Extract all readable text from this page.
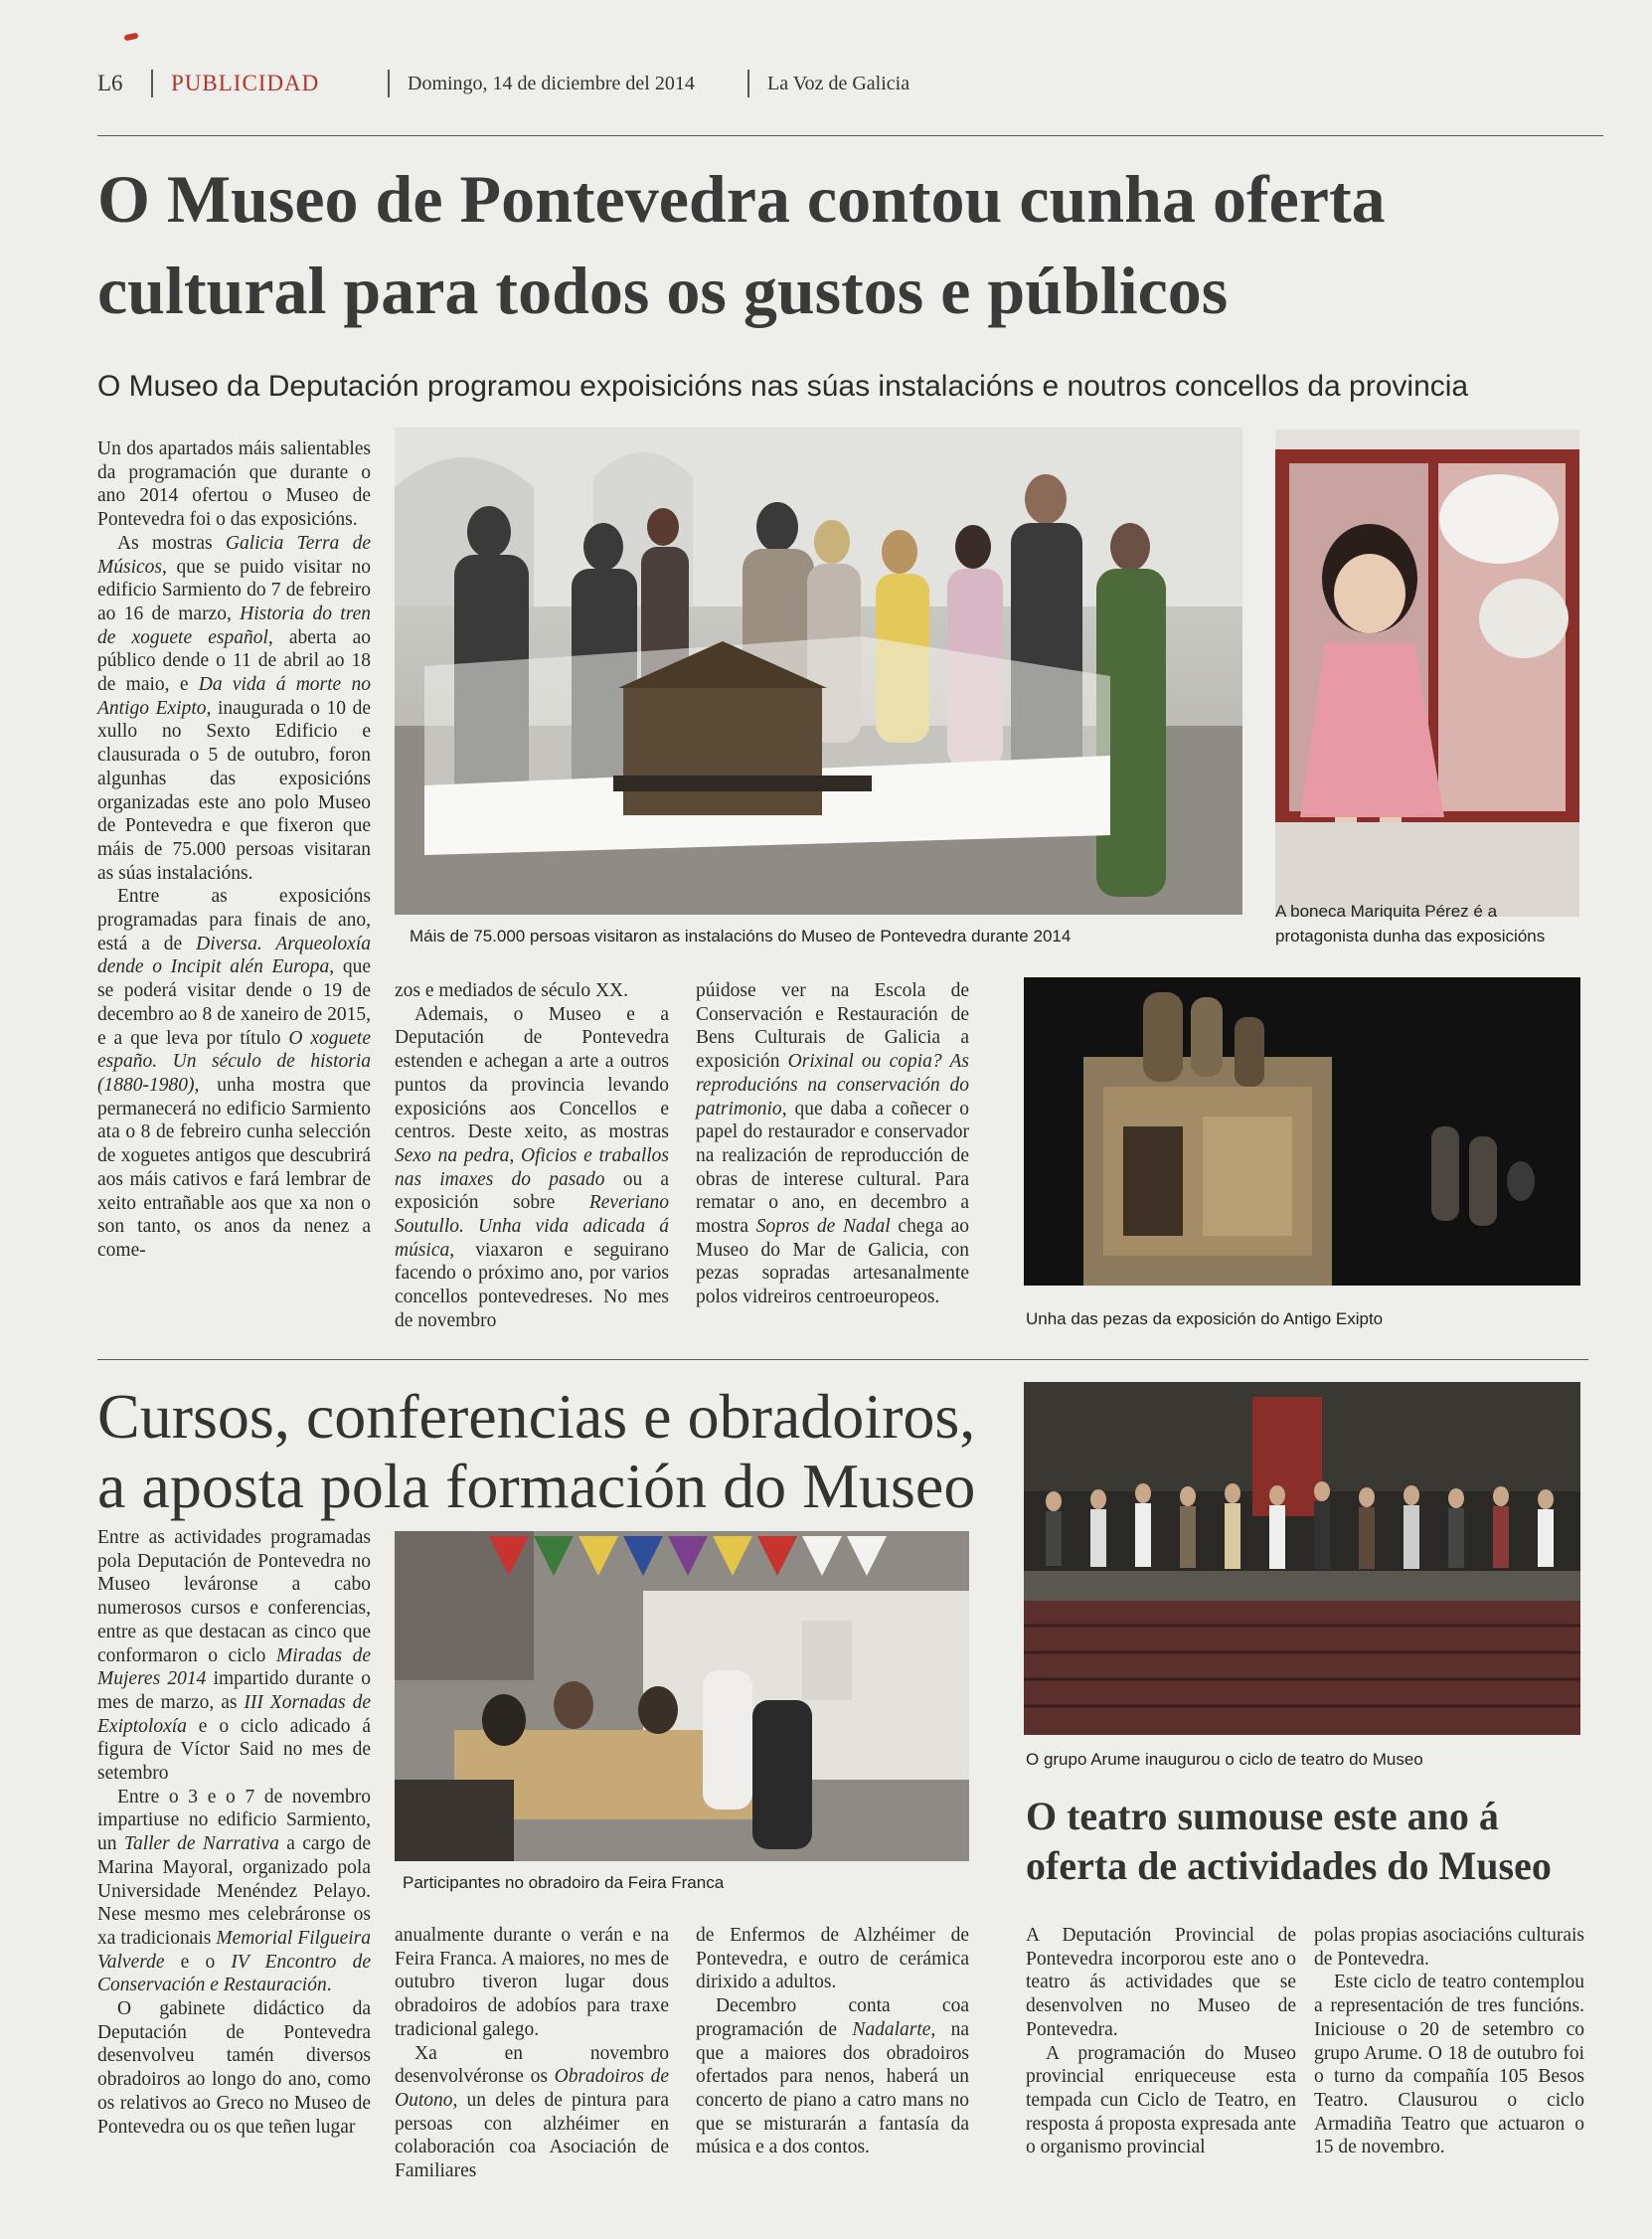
L6 PUBLICIDAD	Domingo, 14 de diciembre del 2014	La Voz de Galicia
O Museo de Pontevedra contou cunha oferta
cultural para todos os gustos e públicos
O Museo da Deputación programou expoisicións nas súas instalacións e noutros concellos da provincia
Máis de 75.000 persoas visitaron as instalacións do Museo de Pontevedra durante 2014
A boneca Mariquita Pérez é a protagonista dunha das exposicións

Un dos apartados máis salientables da programación que durante o ano 2014 ofertou o Museo de Pontevedra foi o das exposicións.

As mostras Galicia Terra de Músicos, que se puido visitar no edificio Sarmiento do 7 de febreiro ao 16 de marzo, Historia do tren de xoguete español, aberta ao público dende o 11 de abril ao 18 de maio, e Da vida á morte no Antigo Exipto, inaugurada o 10 de xullo no Sexto Edificio e clausurada o 5 de outubro, foron algunhas das exposicións organizadas este ano polo Museo de Pontevedra e que fixeron que máis de 75.000 persoas visitaran as súas instalacións.

Entre as exposicións programadas para finais de ano, está a de Diversa. Arqueoloxía dende o Incipit alén Europa, que se poderá visitar dende o 19 de decembro ao 8 de xaneiro de 2015, e a que leva por título O xoguete españo. Un século de historia (1880-1980), unha mostra que permanecerá no edificio Sarmiento ata o 8 de febreiro cunha selección de xoguetes antigos que descubrirá aos máis cativos e fará lembrar de xeito entrañable aos que xa non o son tanto, os anos da nenez a come-

zos e mediados de século XX.

Ademais, o Museo e a Deputación de Pontevedra estenden e achegan a arte a outros puntos da provincia levando exposicións aos Concellos e centros. Deste xeito, as mostras Sexo na pedra, Oficios e traballos nas imaxes do pasado ou a exposición sobre Reveriano Soutullo. Unha vida adicada á música, viaxaron e seguirano facendo o próximo ano, por varios concellos pontevedreses. No mes de novembro

púidose ver na Escola de Conservación e Restauración de Bens Culturais de Galicia a exposición Orixinal ou copia? As reproducións na conservación do patrimonio, que daba a coñecer o papel do restaurador e conservador na realización de reproducción de obras de interese cultural. Para rematar o ano, en decembro a mostra Sopros de Nadal chega ao Museo do Mar de Galicia, con pezas sopradas artesanalmente polos vidreiros centroeuropeos.

Unha das pezas da exposición do Antigo Exipto
Cursos, conferencias e obradoiros,
a aposta pola formación do Museo
Participantes no obradoiro da Feira Franca

Entre as actividades programadas pola Deputación de Pontevedra no Museo leváronse a cabo numerosos cursos e conferencias, entre as que destacan as cinco que conformaron o ciclo Miradas de Mujeres 2014 impartido durante o mes de marzo, as III Xornadas de Exiptoloxía e o ciclo adicado á figura de Víctor Said no mes de setembro

Entre o 3 e o 7 de novembro impartiuse no edificio Sarmiento, un Taller de Narrativa a cargo de Marina Mayoral, organizado pola Universidade Menéndez Pelayo. Nese mesmo mes celebráronse os xa tradicionais Memorial Filgueira Valverde e o IV Encontro de Conservación e Restauración.

O gabinete didáctico da Deputación de Pontevedra desenvolveu tamén diversos obradoiros ao longo do ano, como os relativos ao Greco no Museo de Pontevedra ou os que teñen lugar

anualmente durante o verán e na Feira Franca. A maiores, no mes de outubro tiveron lugar dous obradoiros de adobíos para traxe tradicional galego.

Xa en novembro desenvolvéronse os Obradoiros de Outono, un deles de pintura para persoas con alzhéimer en colaboración coa Asociación de Familiares

de Enfermos de Alzhéimer de Pontevedra, e outro de cerámica dirixido a adultos.

Decembro conta coa programación de Nadalarte, na que a maiores dos obradoiros ofertados para nenos, haberá un concerto de piano a catro mans no que se misturarán a fantasía da música e a dos contos.

O grupo Arume inaugurou o ciclo de teatro do Museo
O teatro sumouse este ano á
oferta de actividades do Museo

A Deputación Provincial de Pontevedra incorporou este ano o teatro ás actividades que se desenvolven no Museo de Pontevedra.

A programación do Museo provincial enriqueceuse esta tempada cun Ciclo de Teatro, en resposta á proposta expresada ante o organismo provincial

polas propias asociacións culturais de Pontevedra.

Este ciclo de teatro contemplou a representación de tres funcións. Iniciouse o 20 de setembro co grupo Arume. O 18 de outubro foi o turno da compañía 105 Besos Teatro. Clausurou o ciclo Armadiña Teatro que actuaron o 15 de novembro.
